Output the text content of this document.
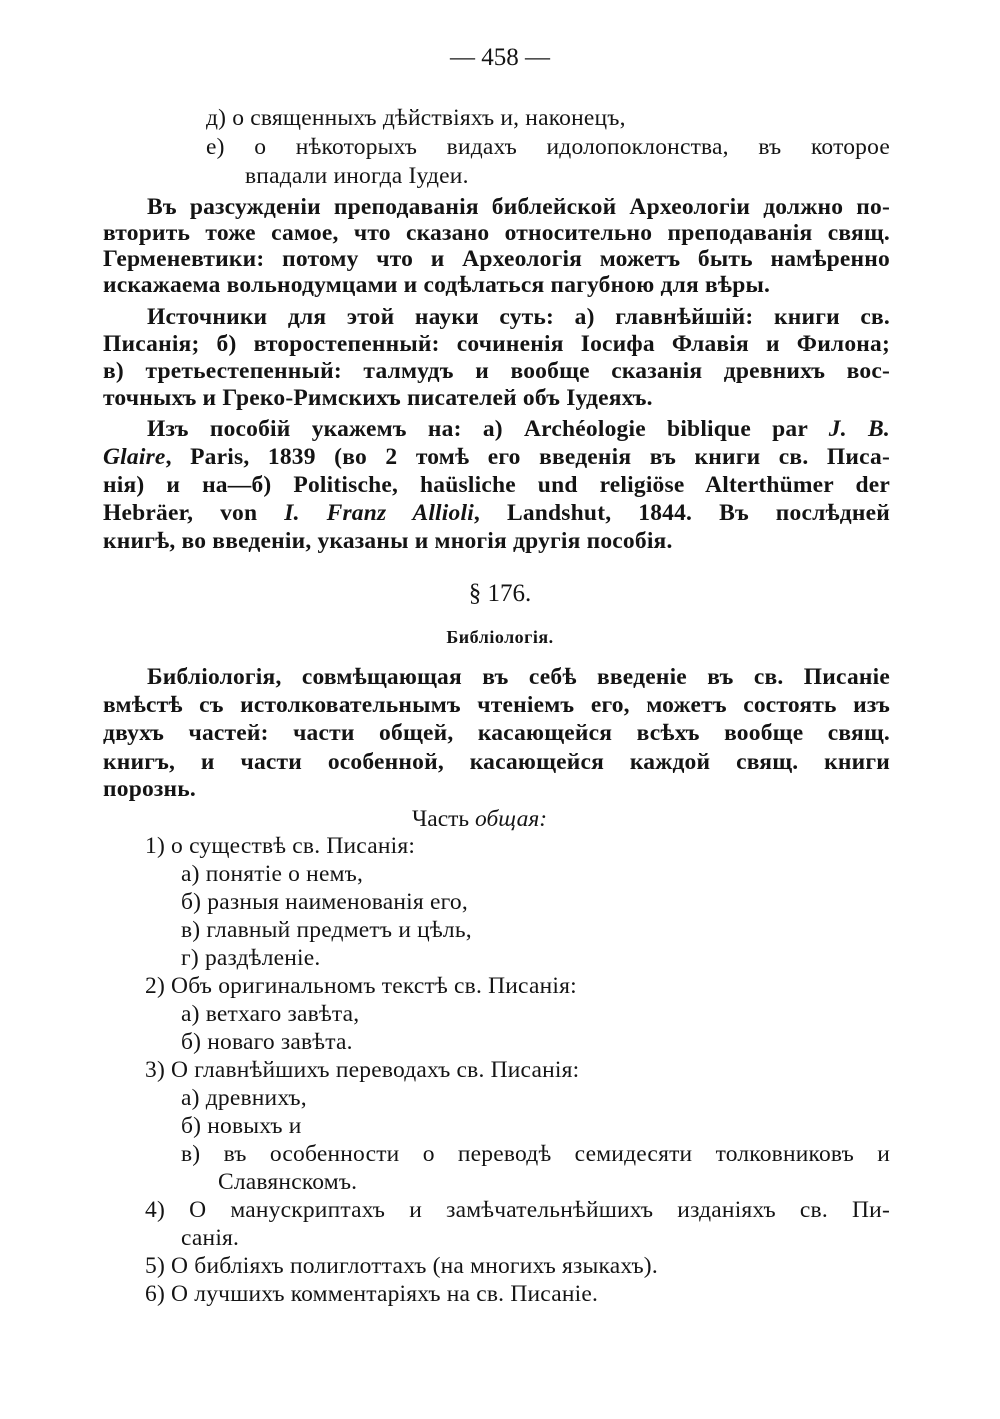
— 458 —
д) о священныхъ дѣйствіяхъ и, наконецъ,
е) о нѣкоторыхъ видахъ идолопоклонства, въ которое
впадали иногда Іудеи.
Въ разсужденіи преподаванія библейской Археологіи должно по-
вторить тоже самое, что сказано относительно преподаванія свящ.
Герменевтики: потому что и Археологія можетъ быть намѣренно
искажаема вольнодумцами и содѣлаться пагубною для вѣры.
Источники для этой науки суть: а) главнѣйшій: книги св.
Писанія; б) второстепенный: сочиненія Іосифа Флавія и Филона;
в) третьестепенный: талмудъ и вообще сказанія древнихъ вос-
точныхъ и Греко-Римскихъ писателей объ Іудеяхъ.
Изъ пособій укажемъ на: а) Archéologie biblique par J. B.
Glaire, Paris, 1839 (во 2 томѣ его введенія въ книги св. Писа-
нія) и на—б) Politische, haüsliche und religiöse Alterthümer der
Hebräer, von I. Franz Allioli, Landshut, 1844. Въ послѣдней
книгѣ, во введеніи, указаны и многія другія пособія.
§ 176.
Библіологія.
Библіологія, совмѣщающая въ себѣ введеніе въ св. Писаніе
вмѣстѣ съ истолковательнымъ чтеніемъ его, можетъ состоять изъ
двухъ частей: части общей, касающейся всѣхъ вообще свящ.
книгъ, и части особенной, касающейся каждой свящ. книги
порознь.
Часть общая:
1) о существѣ св. Писанія:
а) понятіе о немъ,
б) разныя наименованія его,
в) главный предметъ и цѣль,
г) раздѣленіе.
2) Объ оригинальномъ текстѣ св. Писанія:
а) ветхаго завѣта,
б) новаго завѣта.
3) О главнѣйшихъ переводахъ св. Писанія:
а) древнихъ,
б) новыхъ и
в) въ особенности о переводѣ семидесяти толковниковъ и
Славянскомъ.
4) О манускриптахъ и замѣчательнѣйшихъ изданіяхъ св. Пи-
санія.
5) О библіяхъ полиглоттахъ (на многихъ языкахъ).
6) О лучшихъ комментаріяхъ на св. Писаніе.
